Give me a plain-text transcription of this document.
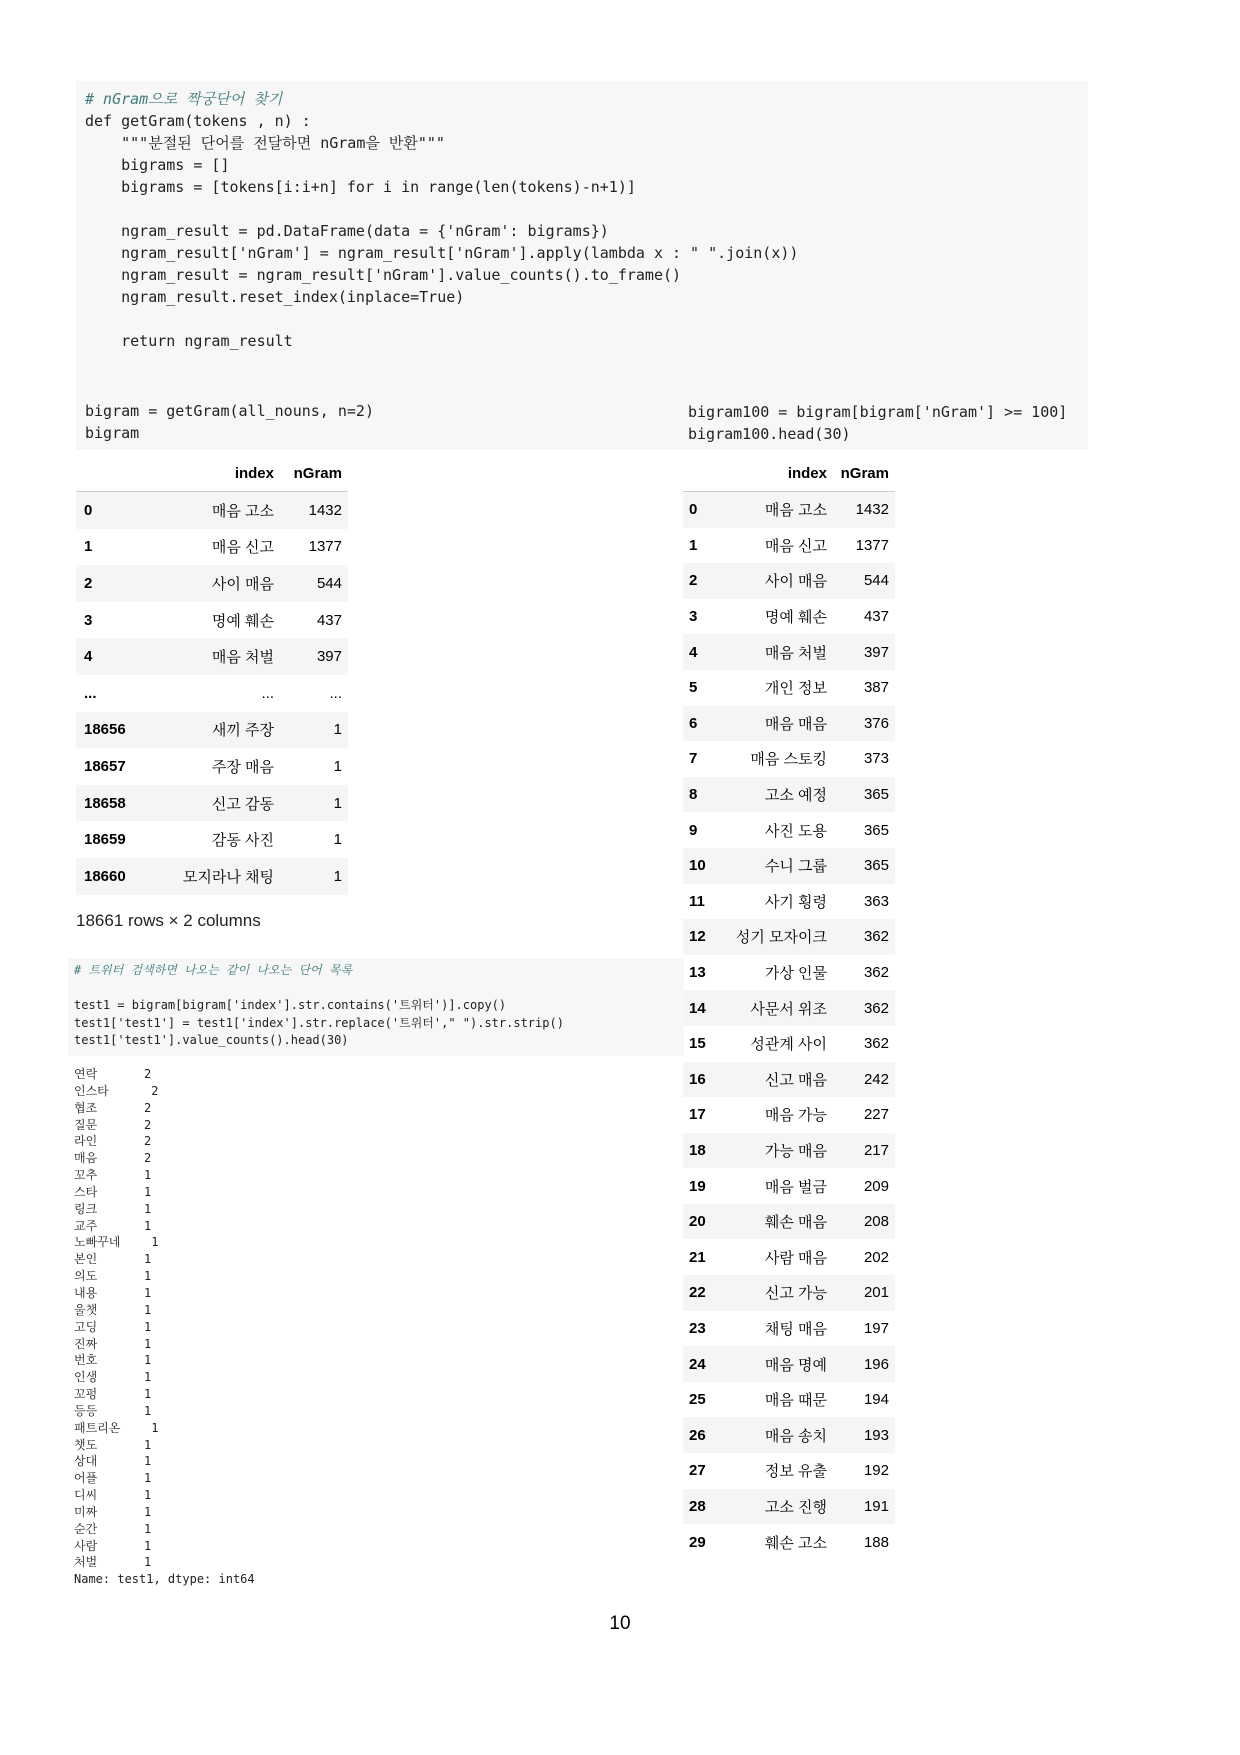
# nGram으로 짝궁단어 찾기
def getGram(tokens , n) :
"""분절된 단어를 전달하면 nGram을 반환"""
bigrams = []
bigrams = [tokens[i:i+n] for i in range(len(tokens)-n+1)]

ngram_result = pd.DataFrame(data = {'nGram': bigrams})
ngram_result['nGram'] = ngram_result['nGram'].apply(lambda x : " ".join(x))
ngram_result = ngram_result['nGram'].value_counts().to_frame()
ngram_result.reset_index(inplace=True)

return ngram_result

bigram = getGram(all_nouns, n=2)
bigram
bigram100 = bigram[bigram['nGram'] >= 100]
bigram100.head(30)
	index	nGram
0	매음 고소	1432
1	매음 신고	1377
2	사이 매음	544
3	명예 훼손	437
4	매음 처벌	397
...	...	...
18656	새끼 주장	1
18657	주장 매음	1
18658	신고 감동	1
18659	감동 사진	1
18660	모지라나 채팅	1
18661 rows × 2 columns
	index	nGram
0	매음 고소	1432
1	매음 신고	1377
2	사이 매음	544
3	명예 훼손	437
4	매음 처벌	397
5	개인 정보	387
6	매음 매음	376
7	매음 스토킹	373
8	고소 예정	365
9	사진 도용	365
10	수니 그룹	365
11	사기 횡령	363
12	성기 모자이크	362
13	가상 인물	362
14	사문서 위조	362
15	성관계 사이	362
16	신고 매음	242
17	매음 가능	227
18	가능 매음	217
19	매음 벌금	209
20	훼손 매음	208
21	사람 매음	202
22	신고 가능	201
23	채팅 매음	197
24	매음 명예	196
25	매음 때문	194
26	매음 송치	193
27	정보 유출	192
28	고소 진행	191
29	훼손 고소	188
# 트위터 검색하면 나오는 같이 나오는 단어 목록

test1 = bigram[bigram['index'].str.contains('트위터')].copy()
test1['test1'] = test1['index'].str.replace('트위터'," ").str.strip()
test1['test1'].value_counts().head(30)
연락	2
인스타	2
협조	2
질문	2
라인	2
매음	2
꼬추	1
스타	1
링크	1
교주	1
노빠꾸네 1
본인	1
의도	1
내용	1
울챗	1
고딩	1
진짜	1
번호	1
인생	1
꼬펑	1
등등	1
패트리온 1
챗도	1
상대	1
어플	1
디씨	1
미짜	1
순간	1
사람	1
처벌	1
Name: test1, dtype: int64
10
